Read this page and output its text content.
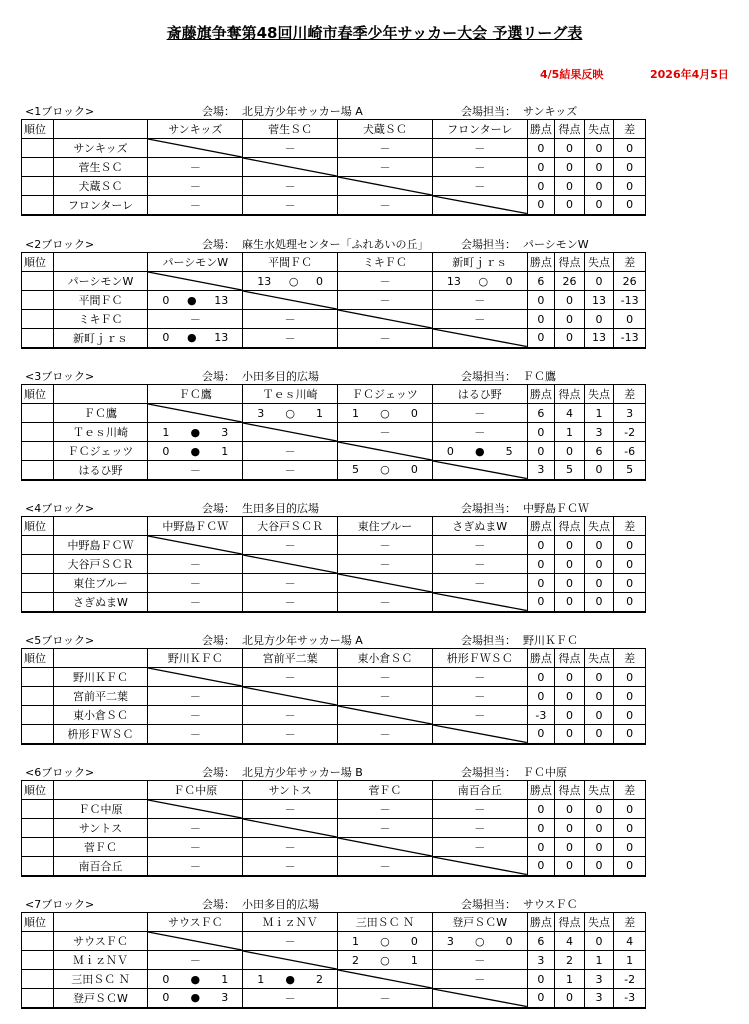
斎藤旗争奪第48回川崎市春季少年サッカー大会 予選リーグ表
4/5結果反映	2026年4月5日
<1ブロック>	会場： 北見方少年サッカー場 A	会場担当： サンキッズ
順位		サンキッズ	菅生ＳＣ	犬蔵ＳＣ	フロンターレ	勝点	得点	失点	差
	サンキッズ		－	－	－	0	0	0	0
	菅生ＳＣ	－		－	－	0	0	0	0
	犬蔵ＳＣ	－	－		－	0	0	0	0
	フロンターレ	－	－	－		0	0	0	0
<2ブロック>	会場： 麻生水処理センター「ふれあいの丘」	会場担当： パーシモンW
順位		パーシモンW	平間ＦＣ	ミキＦＣ	新町ｊｒｓ	勝点	得点	失点	差
	パーシモンW		13 ○ 0	－	13 ○ 0	6	26	0	26
	平間ＦＣ	0 ● 13		－	－	0	0	13	-13
	ミキＦＣ	－	－		－	0	0	0	0
	新町ｊｒｓ	0 ● 13	－	－		0	0	13	-13
<3ブロック>	会場： 小田多目的広場	会場担当： ＦＣ鷹
順位		ＦＣ鷹	Ｔｅｓ川崎	ＦＣジェッツ	はるひ野	勝点	得点	失点	差
	ＦＣ鷹		3 ○ 1	1 ○ 0	－	6	4	1	3
	Ｔｅｓ川崎	1 ● 3		－	－	0	1	3	-2
	ＦＣジェッツ	0 ● 1	－		0 ● 5	0	0	6	-6
	はるひ野	－	－	5 ○ 0		3	5	0	5
<4ブロック>	会場： 生田多目的広場	会場担当： 中野島ＦＣＷ
順位		中野島ＦＣＷ	大谷戸ＳＣＲ	東住ブルー	さぎぬまW	勝点	得点	失点	差
	中野島ＦＣＷ		－	－	－	0	0	0	0
	大谷戸ＳＣＲ	－		－	－	0	0	0	0
	東住ブルー	－	－		－	0	0	0	0
	さぎぬまW	－	－	－		0	0	0	0
<5ブロック>	会場： 北見方少年サッカー場 A	会場担当： 野川ＫＦＣ
順位		野川ＫＦＣ	宮前平二葉	東小倉ＳＣ	枡形ＦＷＳＣ	勝点	得点	失点	差
	野川ＫＦＣ		－	－	－	0	0	0	0
	宮前平二葉	－		－	－	0	0	0	0
	東小倉ＳＣ	－	－		－	-3	0	0	0
	枡形ＦＷＳＣ	－	－	－		0	0	0	0
<6ブロック>	会場： 北見方少年サッカー場 B	会場担当： ＦＣ中原
順位		ＦＣ中原	サントス	菅ＦＣ	南百合丘	勝点	得点	失点	差
	ＦＣ中原		－	－	－	0	0	0	0
	サントス	－		－	－	0	0	0	0
	菅ＦＣ	－	－		－	0	0	0	0
	南百合丘	－	－	－		0	0	0	0
<7ブロック>	会場： 小田多目的広場	会場担当： サウスＦＣ
順位		サウスＦＣ	ＭｉｚＮＶ	三田ＳＣ Ｎ	登戸ＳＣW	勝点	得点	失点	差
	サウスＦＣ		－	1 ○ 0	3 ○ 0	6	4	0	4
	ＭｉｚＮＶ	－		2 ○ 1	－	3	2	1	1
	三田ＳＣ Ｎ	0 ● 1	1 ● 2		－	0	1	3	-2
	登戸ＳＣW	0 ● 3	－	－		0	0	3	-3
